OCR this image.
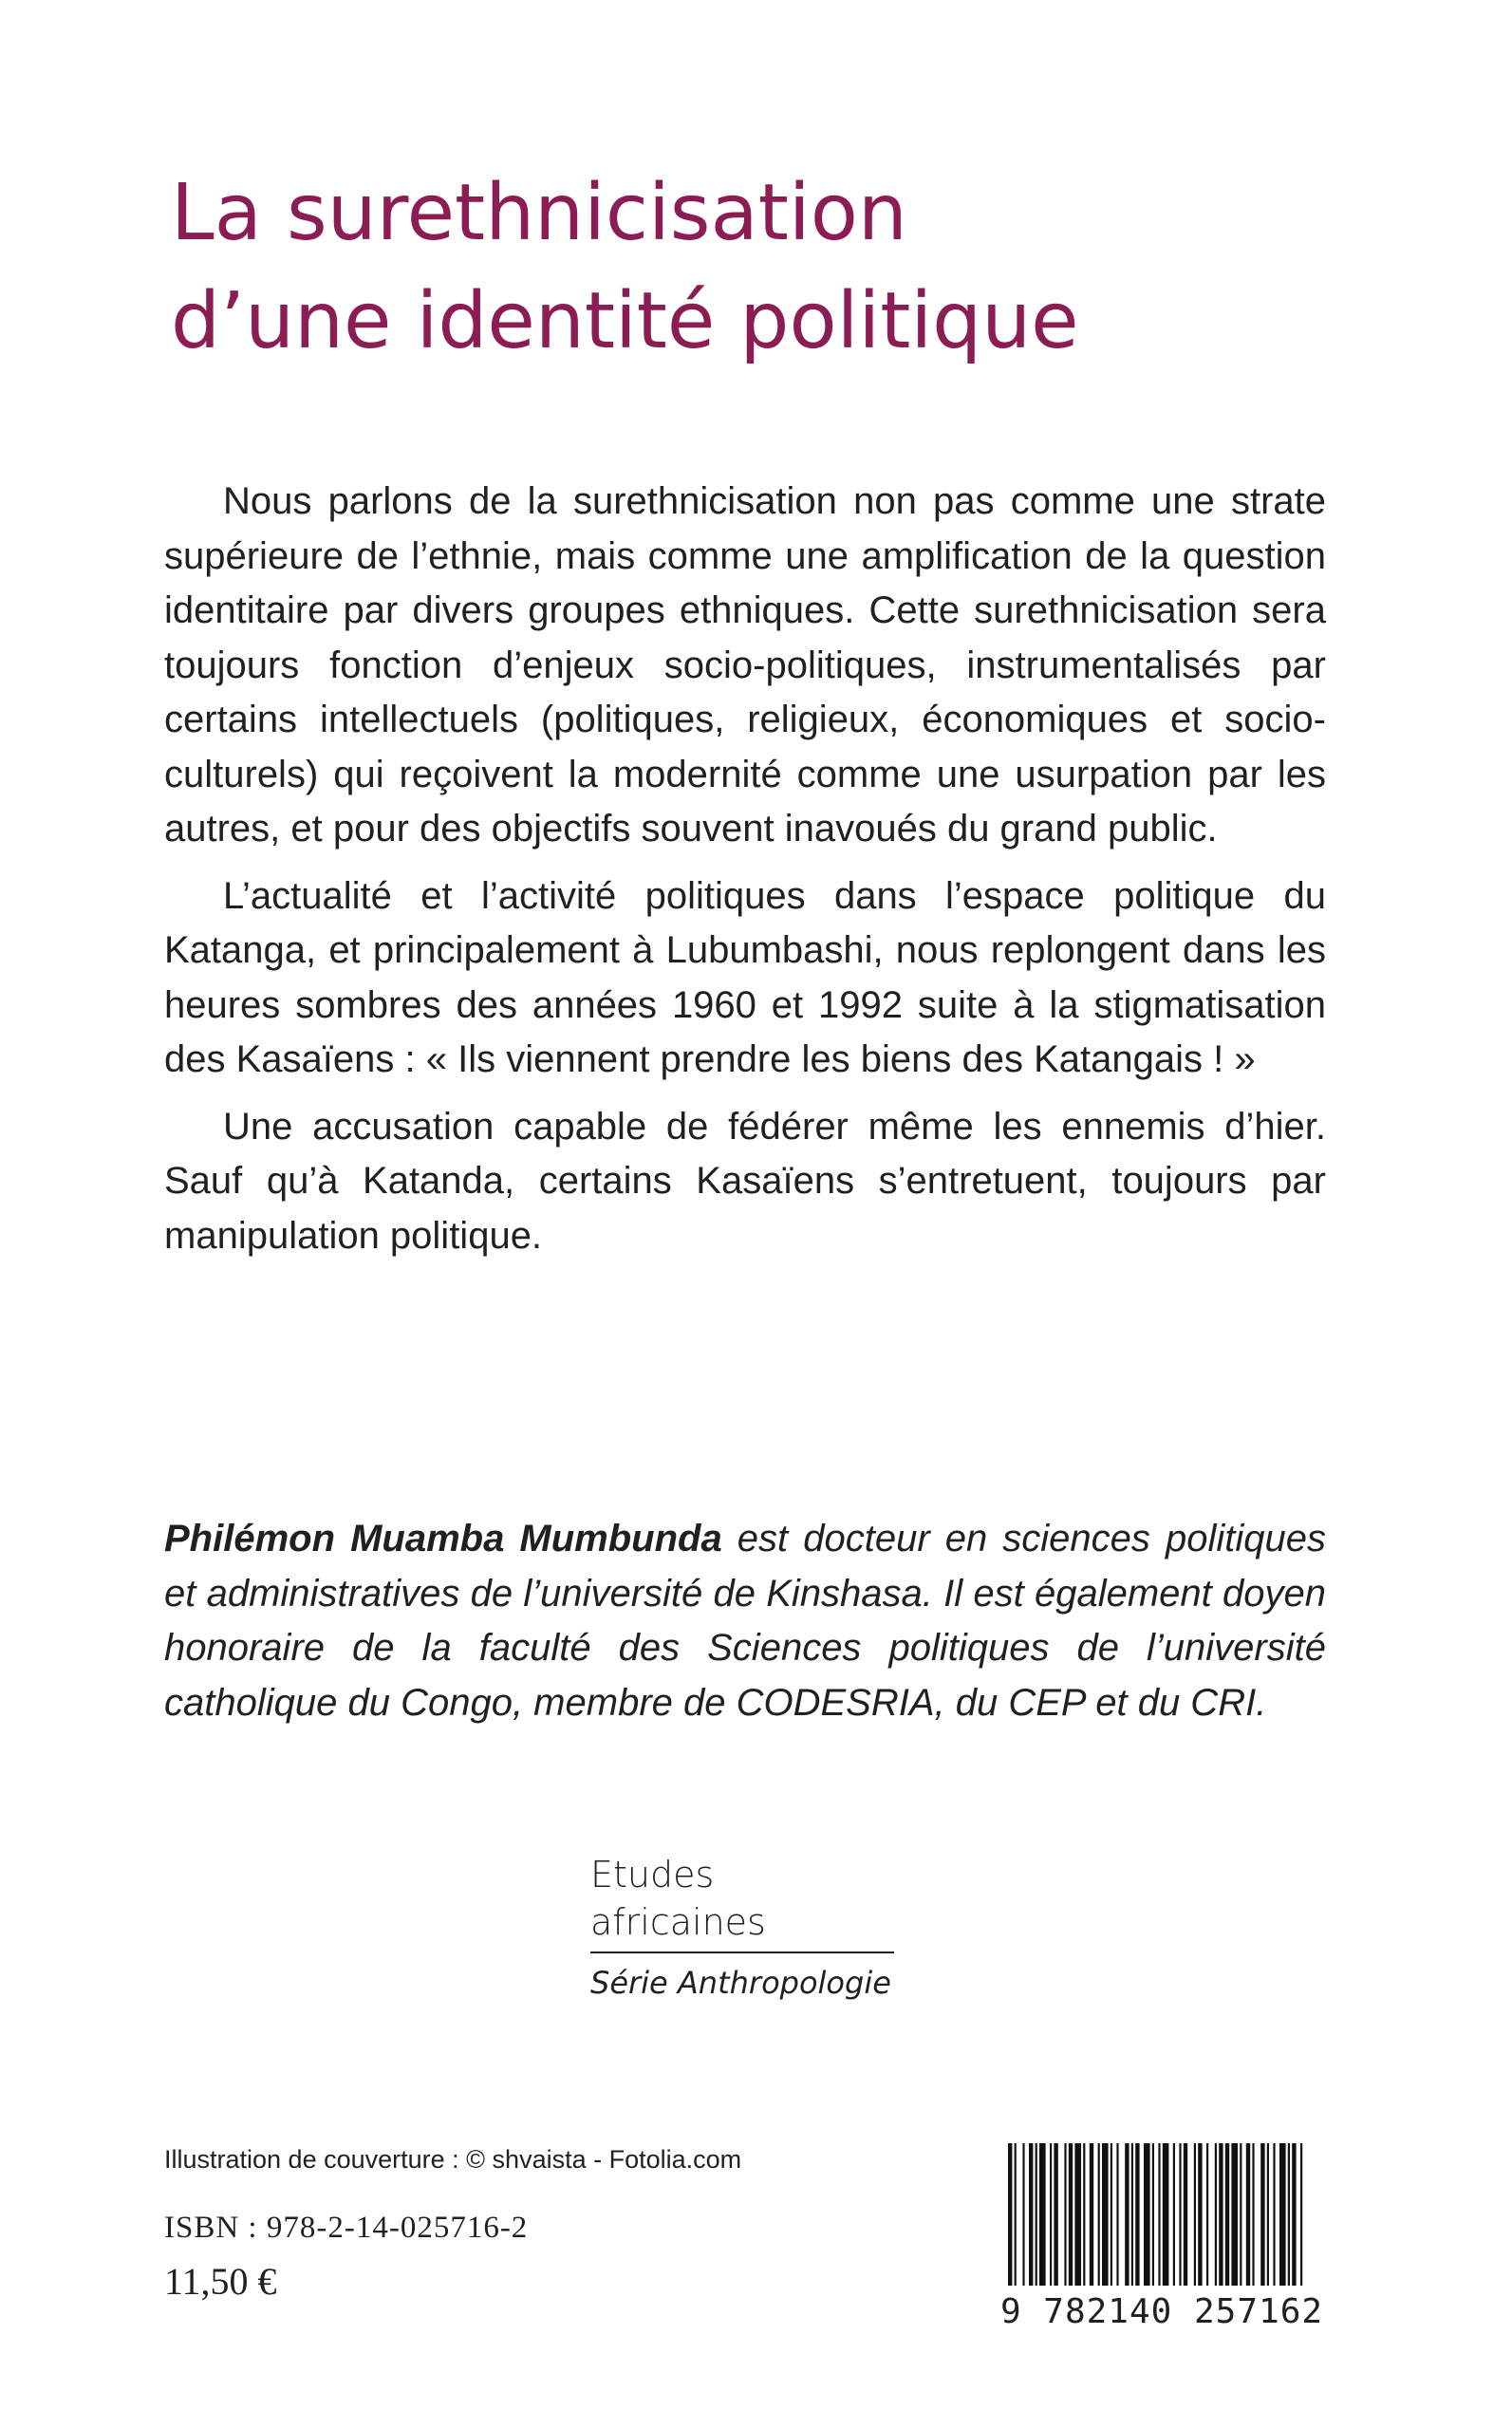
La surethnicisation
d’une identité politique

Nous parlons de la surethnicisation non pas comme une strate supérieure de l’ethnie, mais comme une amplification de la question identitaire par divers groupes ethniques. Cette surethnicisation sera toujours fonction d’enjeux socio-politiques, instrumentalisés par certains intellectuels (politiques, religieux, économiques et socio-culturels) qui reçoivent la modernité comme une usurpation par les autres, et pour des objectifs souvent inavoués du grand public.

L’actualité et l’activité politiques dans l’espace politique du Katanga, et principalement à Lubumbashi, nous replongent dans les heures sombres des années 1960 et 1992 suite à la stigmatisation des Kasaïens : « Ils viennent prendre les biens des Katangais ! »

Une accusation capable de fédérer même les ennemis d’hier. Sauf qu’à Katanda, certains Kasaïens s’entretuent, toujours par manipulation politique.

Philémon Muamba Mumbunda est docteur en sciences politiques et administratives de l’université de Kinshasa. Il est également doyen honoraire de la faculté des Sciences politiques de l’université catholique du Congo, membre de CODESRIA, du CEP et du CRI.

Etudes africaines
Série Anthropologie
Illustration de couverture : © shvaista - Fotolia.com
ISBN : 978-2-14-025716-2
11,50 €
9 782140 257162
